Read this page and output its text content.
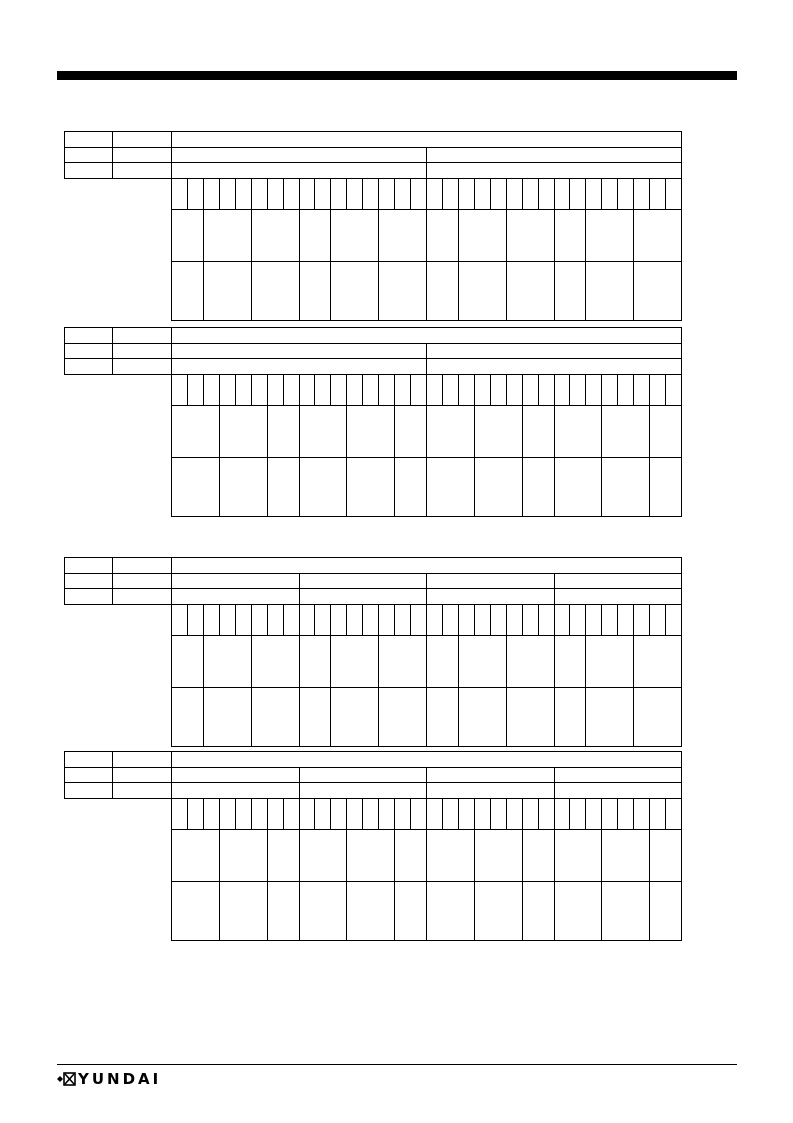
YUNDAI
